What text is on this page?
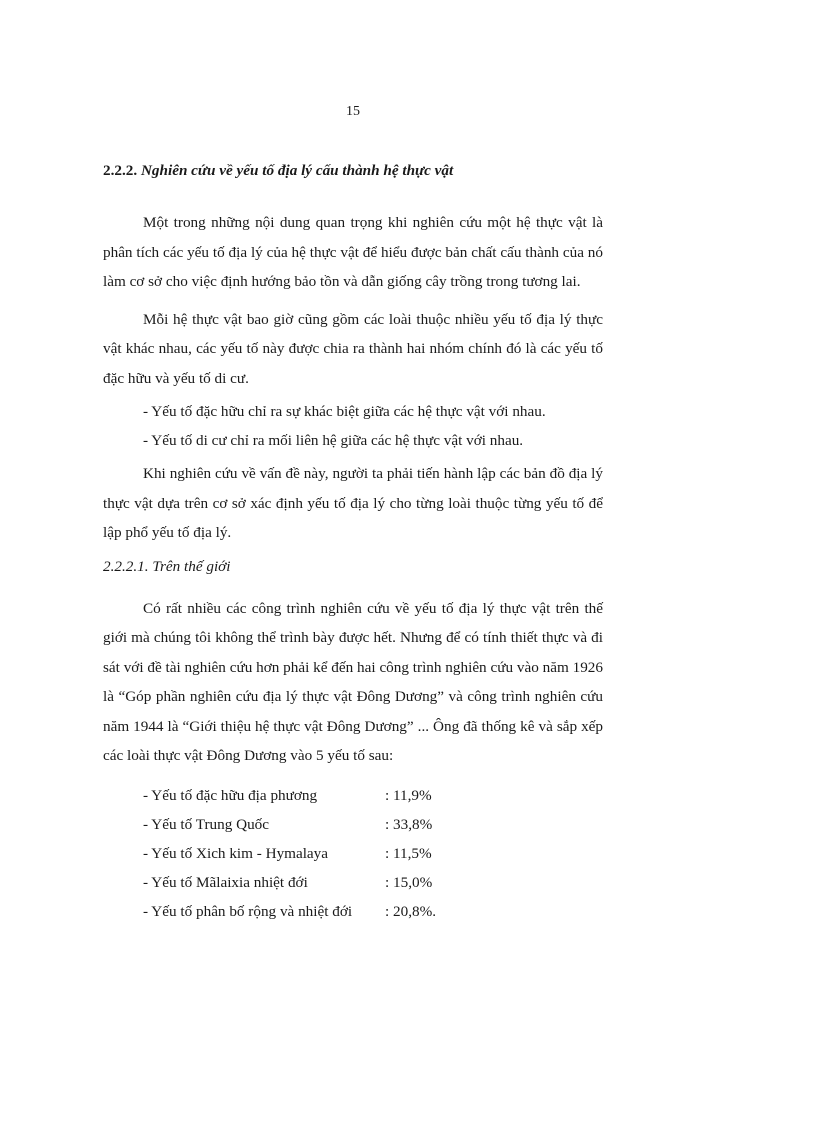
15
2.2.2. Nghiên cứu về yếu tố địa lý cấu thành hệ thực vật

Một trong những nội dung quan trọng khi nghiên cứu một hệ thực vật là phân tích các yếu tố địa lý của hệ thực vật để hiểu được bản chất cấu thành của nó làm cơ sở cho việc định hướng bảo tồn và dẫn giống cây trồng trong tương lai.

Mỗi hệ thực vật bao giờ cũng gồm các loài thuộc nhiều yếu tố địa lý thực vật khác nhau, các yếu tố này được chia ra thành hai nhóm chính đó là các yếu tố đặc hữu và yếu tố di cư.

- Yếu tố đặc hữu chỉ ra sự khác biệt giữa các hệ thực vật với nhau.
- Yếu tố di cư chỉ ra mối liên hệ giữa các hệ thực vật với nhau.

Khi nghiên cứu về vấn đề này, người ta phải tiến hành lập các bản đồ địa lý thực vật dựa trên cơ sở xác định yếu tố địa lý cho từng loài thuộc từng yếu tố để lập phổ yếu tố địa lý.

2.2.2.1. Trên thế giới

Có rất nhiều các công trình nghiên cứu về yếu tố địa lý thực vật trên thế giới mà chúng tôi không thể trình bày được hết. Nhưng để có tính thiết thực và đi sát với đề tài nghiên cứu hơn phải kể đến hai công trình nghiên cứu vào năm 1926 là “Góp phần nghiên cứu địa lý thực vật Đông Dương” và công trình nghiên cứu năm 1944 là “Giới thiệu hệ thực vật Đông Dương” ... Ông đã thống kê và sắp xếp các loài thực vật Đông Dương vào 5 yếu tố sau:

- Yếu tố đặc hữu địa phương	: 11,9%
- Yếu tố Trung Quốc	: 33,8%
- Yếu tố Xich kim - Hymalaya	: 11,5%
- Yếu tố Mãlaixia nhiệt đới	: 15,0%
- Yếu tố phân bố rộng và nhiệt đới	: 20,8%.
